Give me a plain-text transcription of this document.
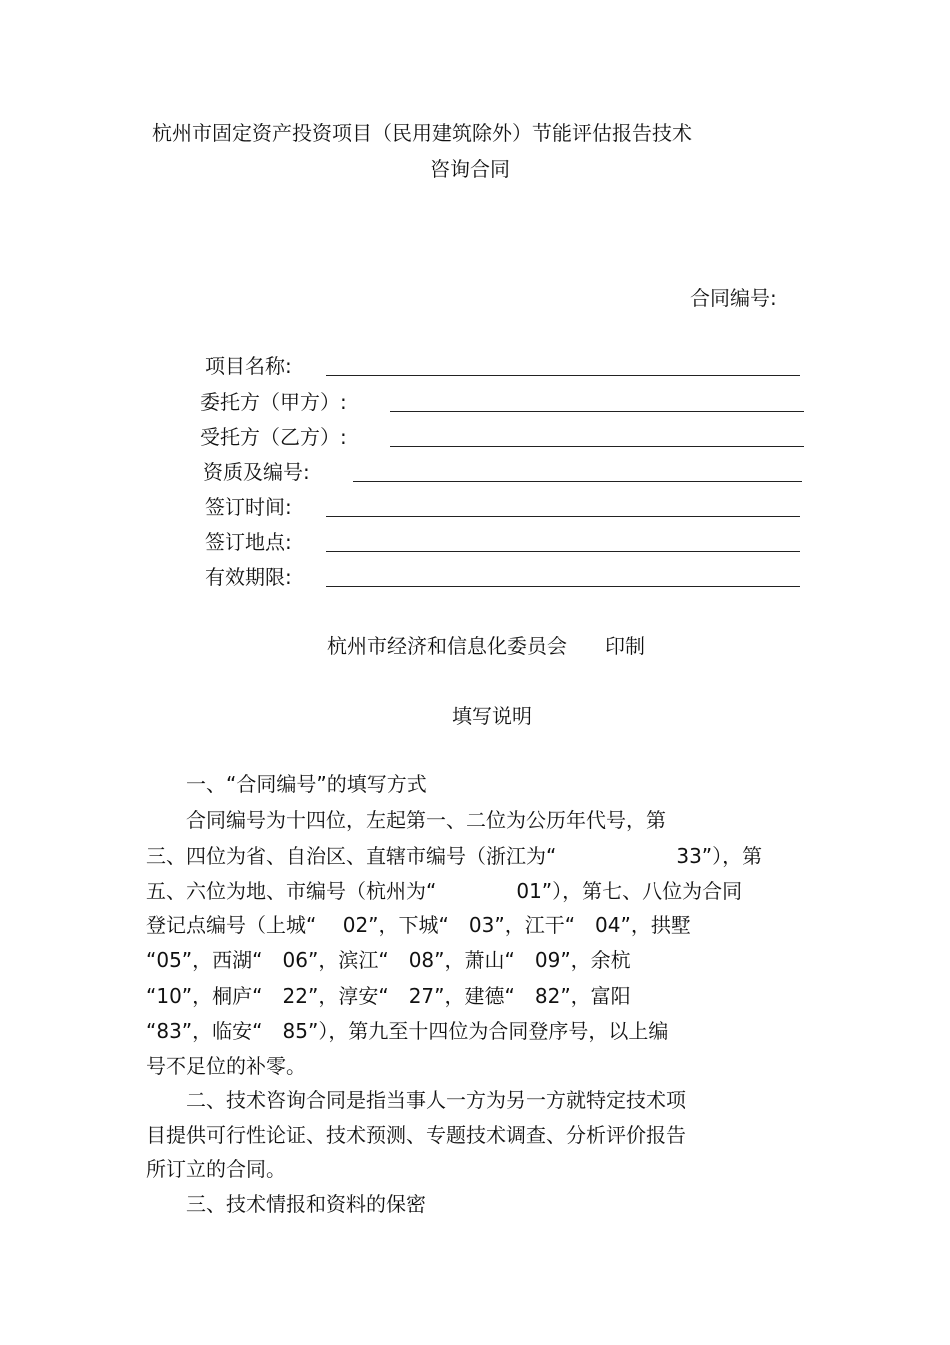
杭州市固定资产投资项目（民用建筑除外）节能评估报告技术
咨询合同
合同编号:
项目名称:
委托方（甲方）:
受托方（乙方）:
资质及编号:
签订时间:
签订地点:
有效期限:
杭州市经济和信息化委员会 印制
填写说明
　　一、“合同编号”的填写方式
　　合同编号为十四位，左起第一、二位为公历年代号，第
三、四位为省、自治区、直辖市编号（浙江为“　　　　　　33”），第
五、六位为地、市编号（杭州为“　　　　01”），第七、八位为合同
登记点编号（上城“　 02”，下城“　03”，江干“　04”，拱墅
“05”，西湖“　06”，滨江“　08”，萧山“　09”，余杭
“10”，桐庐“　22”，淳安“　27”，建德“　82”，富阳
“83”，临安“　85”），第九至十四位为合同登序号，以上编
号不足位的补零。
　　二、技术咨询合同是指当事人一方为另一方就特定技术项
目提供可行性论证、技术预测、专题技术调查、分析评价报告
所订立的合同。
　　三、技术情报和资料的保密
